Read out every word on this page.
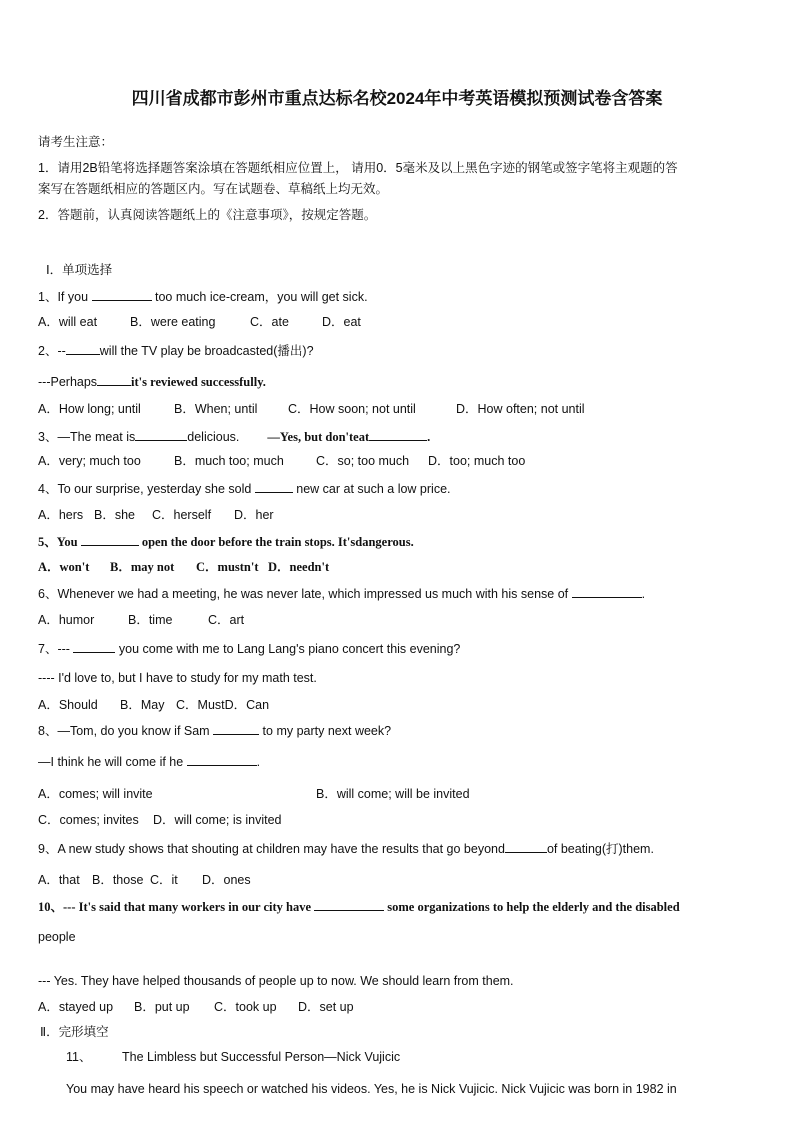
四川省成都市彭州市重点达标名校2024年中考英语模拟预测试卷含答案
请考生注意：
1．请用2B铅笔将选择题答案涂填在答题纸相应位置上， 请用0．5毫米及以上黑色字迹的钢笔或签字笔将主观题的答
案写在答题纸相应的答题区内。写在试题卷、草稿纸上均无效。
2．答题前，认真阅读答题纸上的《注意事项》，按规定答题。
Ⅰ．单项选择
1、If you	too much ice-cream，you will get sick.
A．will eat	B．were eating	C．ate	D．eat
2、--	will the TV play be broadcasted(播出)?
---Perhaps	it's reviewed successfully.
A．How long; until	B．When; until C．How soon; not until	D．How often; not until
3、—The meat is	delicious. —Yes, but don'teat	.
A．very; much too	B．much too; much	C．so; too much D．too; much too
4、To our surprise, yesterday she sold	new car at such a low price.
A．hers B．she C．herself D．her
5、You	open the door before the train stops. It'sdangerous.
A．won't B．may not C．mustn't D．needn't
6、Whenever we had a meeting, he was never late, which impressed us much with his sense of	.
A．humor	B．time	C．art
7、---	you come with me to Lang Lang's piano concert this evening?
---- I'd love to, but I have to study for my math test.
A．Should B．May C．MustD．Can
8、—Tom, do you know if Sam	to my party next week?
—I think he will come if he	.
A．comes; will invite	B．will come; will be invited
C．comes; invites D．will come; is invited
9、A new study shows that shouting at children may have the results that go beyond	of beating(打)them.
A．that B．those C．it D．ones
10、--- It's said that many workers in our city have	some organizations to help the elderly and the disabled
people
--- Yes. They have helped thousands of people up to now. We should learn from them.
A．stayed up B．put up C．took up D．set up
Ⅱ．完形填空
11、 The Limbless but Successful Person—Nick Vujicic
You may have heard his speech or watched his videos. Yes, he is Nick Vujicic. Nick Vujicic was born in 1982 in
